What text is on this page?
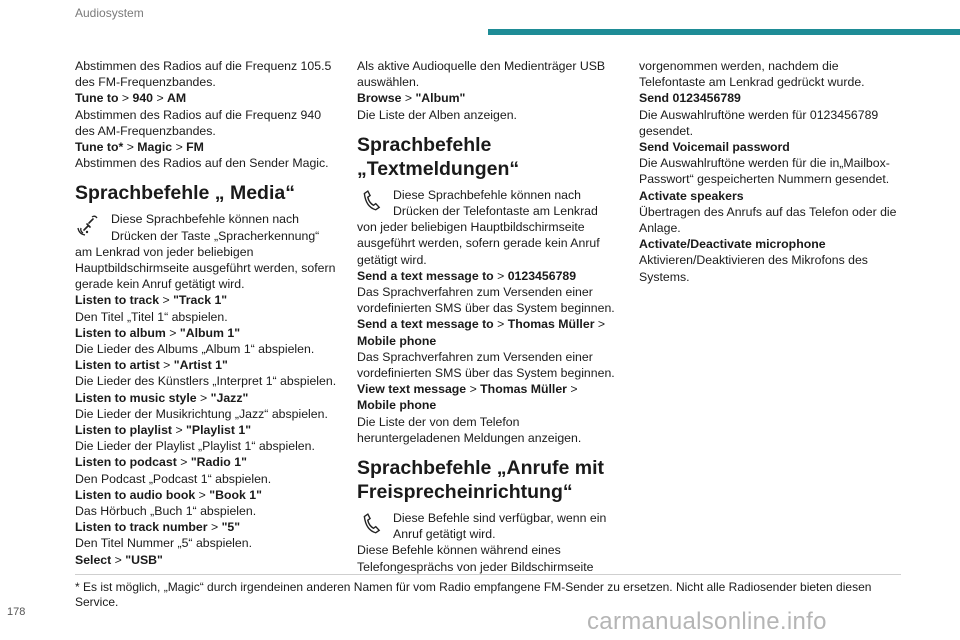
Audiosystem

Abstimmen des Radios auf die Frequenz 105.5 des FM-Frequenzbandes.

Tune to > 940 > AM

Abstimmen des Radios auf die Frequenz 940 des AM-Frequenzbandes.

Tune to* > Magic > FM

Abstimmen des Radios auf den Sender Magic.

Sprachbefehle „ Media“
Diese Sprachbefehle können nach Drücken der Taste „Spracherkennung“ am Lenkrad von jeder beliebigen Hauptbildschirmseite ausgeführt werden, sofern gerade kein Anruf getätigt wird.

Listen to track > "Track 1"

Den Titel „Titel 1“ abspielen.

Listen to album > "Album 1"

Die Lieder des Albums „Album 1“ abspielen.

Listen to artist > "Artist 1"

Die Lieder des Künstlers „Interpret 1“ abspielen.

Listen to music style > "Jazz"

Die Lieder der Musikrichtung „Jazz“ abspielen.

Listen to playlist > "Playlist 1"

Die Lieder der Playlist „Playlist 1“ abspielen.

Listen to podcast > "Radio 1"

Den Podcast „Podcast 1“ abspielen.

Listen to audio book > "Book 1"

Das Hörbuch „Buch 1“ abspielen.

Listen to track number > "5"

Den Titel Nummer „5“ abspielen.

Select > "USB"

Als aktive Audioquelle den Medienträger USB auswählen.

Browse > "Album"

Die Liste der Alben anzeigen.

Sprachbefehle „Textmeldungen“
Diese Sprachbefehle können nach Drücken der Telefontaste am Lenkrad von jeder beliebigen Hauptbildschirmseite ausgeführt werden, sofern gerade kein Anruf getätigt wird.

Send a text message to > 0123456789

Das Sprachverfahren zum Versenden einer vordefinierten SMS über das System beginnen.

Send a text message to > Thomas Müller > Mobile phone

Das Sprachverfahren zum Versenden einer vordefinierten SMS über das System beginnen.

View text message > Thomas Müller > Mobile phone

Die Liste der von dem Telefon heruntergeladenen Meldungen anzeigen.

Sprachbefehle „Anrufe mit Freisprecheinrichtung“
Diese Befehle sind verfügbar, wenn ein Anruf getätigt wird.

Diese Befehle können während eines Telefongesprächs von jeder Bildschirmseite

vorgenommen werden, nachdem die Telefontaste am Lenkrad gedrückt wurde.

Send 0123456789

Die Auswahlruftöne werden für 0123456789 gesendet.

Send Voicemail password

Die Auswahlruftöne werden für die in„Mailbox-Passwort“ gespeicherten Nummern gesendet.

Activate speakers

Übertragen des Anrufs auf das Telefon oder die Anlage.

Activate/Deactivate microphone

Aktivieren/Deaktivieren des Mikrofons des Systems.

* Es ist möglich, „Magic“ durch irgendeinen anderen Namen für vom Radio empfangene FM-Sender zu ersetzen. Nicht alle Radiosender bieten diesen Service.
178	carmanualsonline.info
